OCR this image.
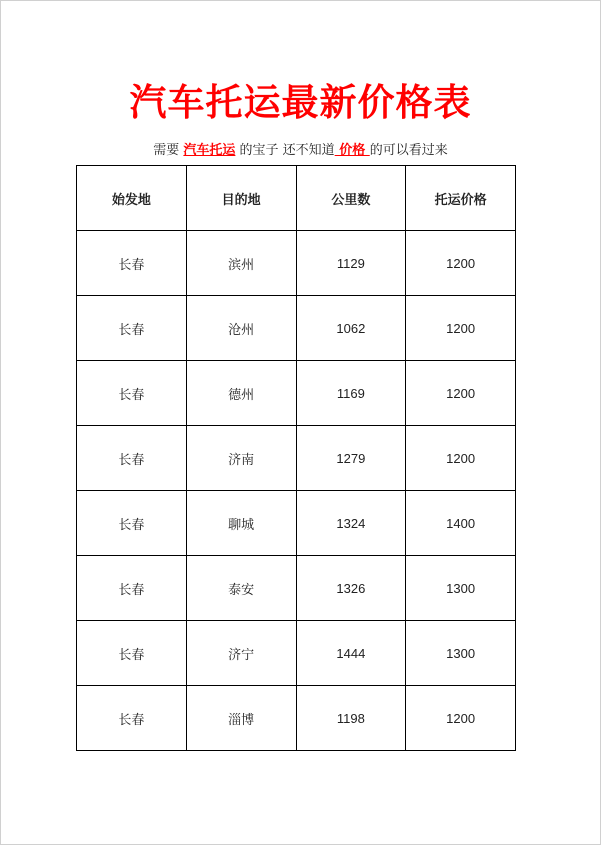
汽车托运最新价格表
需要 汽车托运 的宝子 还不知道 价格 的可以看过来
始发地	目的地	公里数	托运价格
长春	滨州	1129	1200
长春	沧州	1062	1200
长春	德州	1169	1200
长春	济南	1279	1200
长春	聊城	1324	1400
长春	泰安	1326	1300
长春	济宁	1444	1300
长春	淄博	1198	1200
